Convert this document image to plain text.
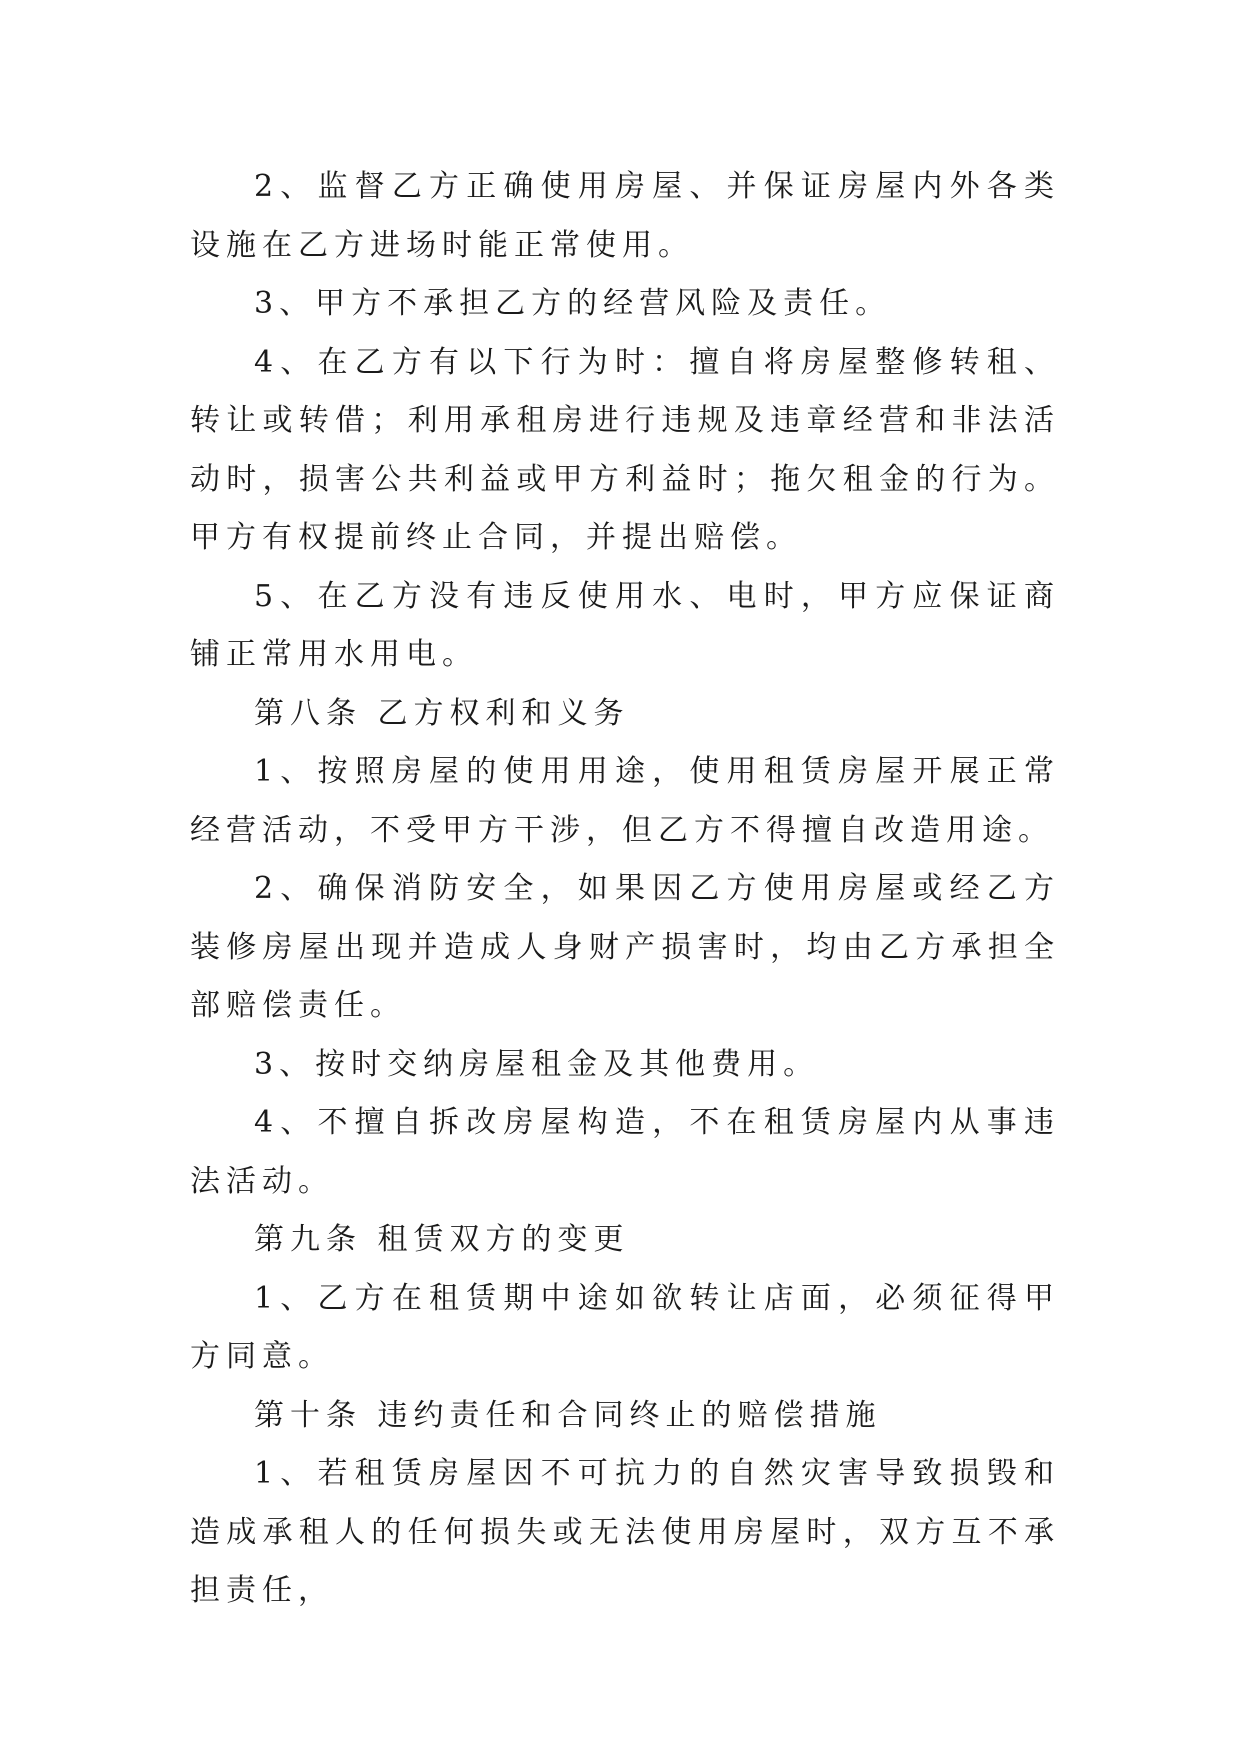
2、监督乙方正确使用房屋、并保证房屋内外各类设施在乙方进场时能正常使用。

3、甲方不承担乙方的经营风险及责任。

4、在乙方有以下行为时：擅自将房屋整修转租、转让或转借；利用承租房进行违规及违章经营和非法活动时，损害公共利益或甲方利益时；拖欠租金的行为。甲方有权提前终止合同，并提出赔偿。

5、在乙方没有违反使用水、电时，甲方应保证商铺正常用水用电。

第八条 乙方权利和义务

1、按照房屋的使用用途，使用租赁房屋开展正常经营活动，不受甲方干涉，但乙方不得擅自改造用途。

2、确保消防安全，如果因乙方使用房屋或经乙方装修房屋出现并造成人身财产损害时，均由乙方承担全部赔偿责任。

3、按时交纳房屋租金及其他费用。

4、不擅自拆改房屋构造，不在租赁房屋内从事违法活动。

第九条 租赁双方的变更

1、乙方在租赁期中途如欲转让店面，必须征得甲方同意。

第十条 违约责任和合同终止的赔偿措施

1、若租赁房屋因不可抗力的自然灾害导致损毁和造成承租人的任何损失或无法使用房屋时，双方互不承担责任，
